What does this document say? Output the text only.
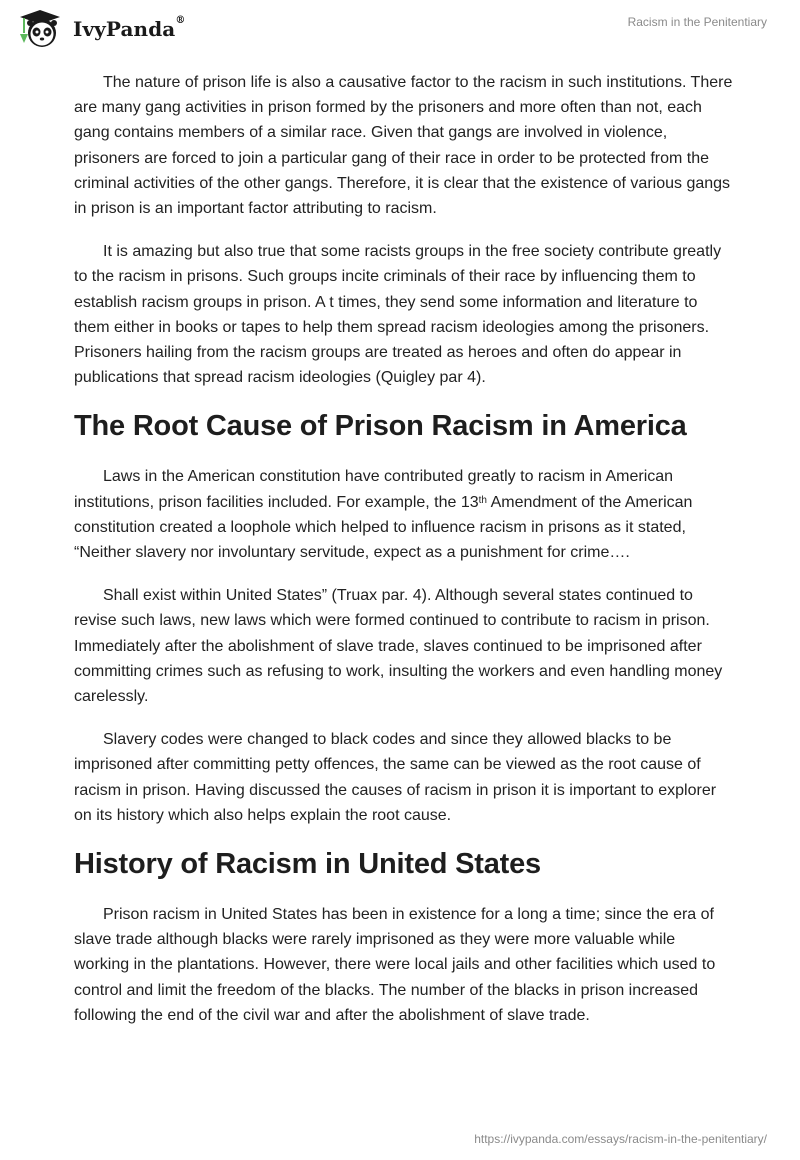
IvyPanda®	Racism in the Penitentiary

The nature of prison life is also a causative factor to the racism in such institutions. There are many gang activities in prison formed by the prisoners and more often than not, each gang contains members of a similar race. Given that gangs are involved in violence, prisoners are forced to join a particular gang of their race in order to be protected from the criminal activities of the other gangs. Therefore, it is clear that the existence of various gangs in prison is an important factor attributing to racism.

It is amazing but also true that some racists groups in the free society contribute greatly to the racism in prisons. Such groups incite criminals of their race by influencing them to establish racism groups in prison. A t times, they send some information and literature to them either in books or tapes to help them spread racism ideologies among the prisoners. Prisoners hailing from the racism groups are treated as heroes and often do appear in publications that spread racism ideologies (Quigley par 4).

The Root Cause of Prison Racism in America

Laws in the American constitution have contributed greatly to racism in American institutions, prison facilities included. For example, the 13th Amendment of the American constitution created a loophole which helped to influence racism in prisons as it stated, “Neither slavery nor involuntary servitude, expect as a punishment for crime….

Shall exist within United States” (Truax par. 4). Although several states continued to revise such laws, new laws which were formed continued to contribute to racism in prison. Immediately after the abolishment of slave trade, slaves continued to be imprisoned after committing crimes such as refusing to work, insulting the workers and even handling money carelessly.

Slavery codes were changed to black codes and since they allowed blacks to be imprisoned after committing petty offences, the same can be viewed as the root cause of racism in prison. Having discussed the causes of racism in prison it is important to explorer on its history which also helps explain the root cause.

History of Racism in United States

Prison racism in United States has been in existence for a long a time; since the era of slave trade although blacks were rarely imprisoned as they were more valuable while working in the plantations. However, there were local jails and other facilities which used to control and limit the freedom of the blacks. The number of the blacks in prison increased following the end of the civil war and after the abolishment of slave trade.

https://ivypanda.com/essays/racism-in-the-penitentiary/
